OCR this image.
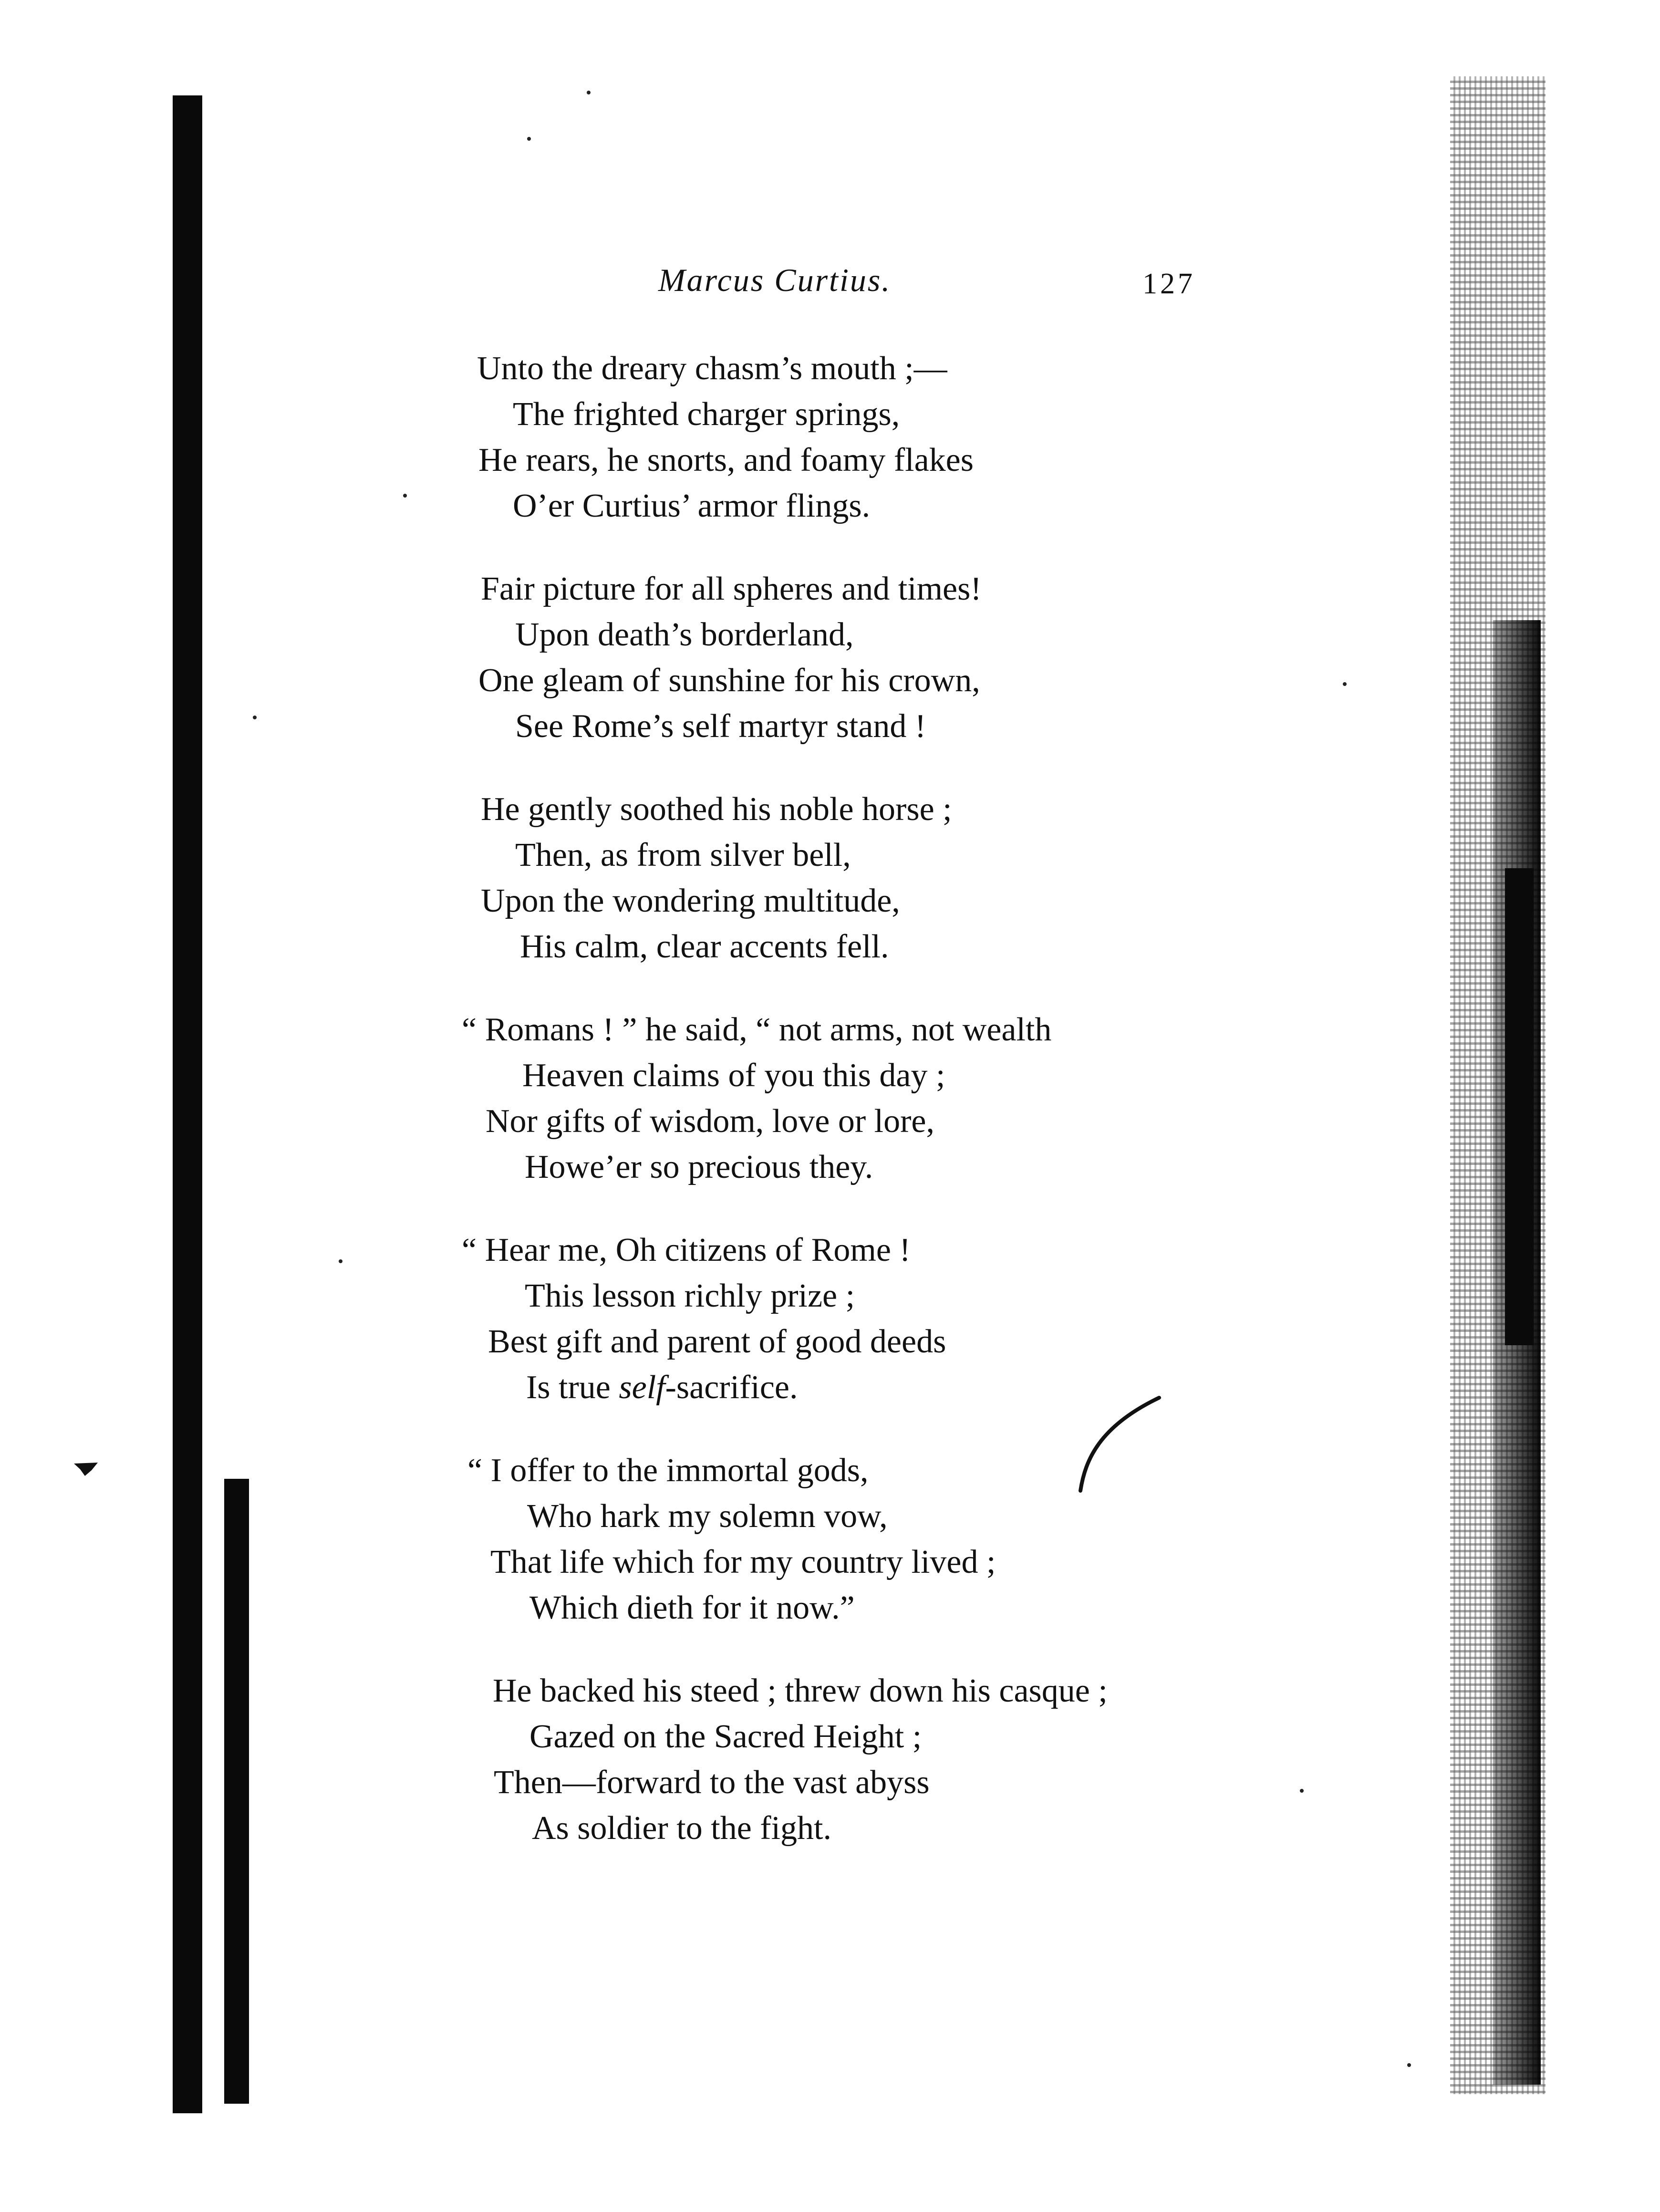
Marcus Curtius.	127
Unto the dreary chasm’s mouth ;—
The frighted charger springs,
He rears, he snorts, and foamy flakes
O’er Curtius’ armor flings.
Fair picture for all spheres and times!
Upon death’s borderland,
One gleam of sunshine for his crown,
See Rome’s self martyr stand !
He gently soothed his noble horse ;
Then, as from silver bell,
Upon the wondering multitude,
His calm, clear accents fell.
“ Romans ! ” he said, “ not arms, not wealth
Heaven claims of you this day ;
Nor gifts of wisdom, love or lore,
Howe’er so precious they.
“ Hear me, Oh citizens of Rome !
This lesson richly prize ;
Best gift and parent of good deeds
Is true self-sacrifice.
“ I offer to the immortal gods,
Who hark my solemn vow,
That life which for my country lived ;
Which dieth for it now.”
He backed his steed ; threw down his casque ;
Gazed on the Sacred Height ;
Then—forward to the vast abyss
As soldier to the fight.
